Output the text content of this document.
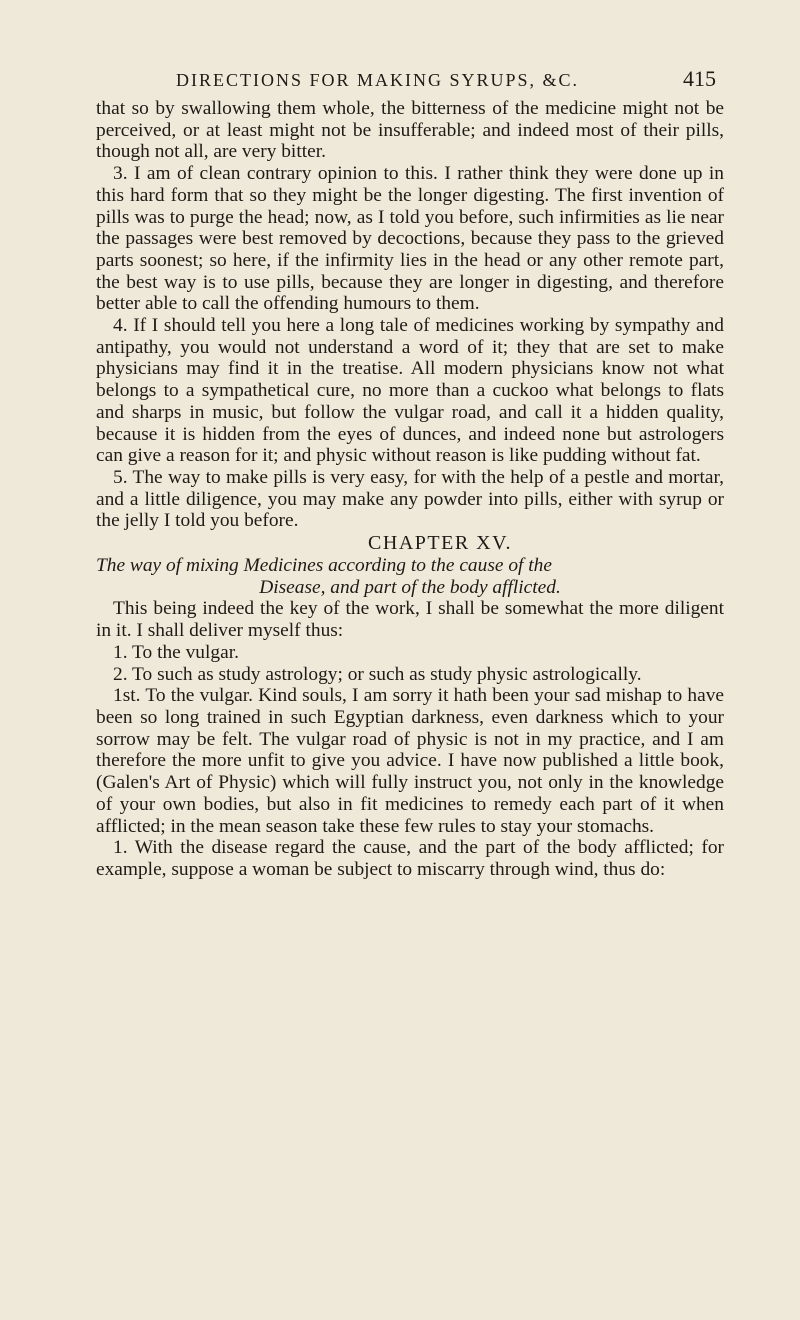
DIRECTIONS FOR MAKING SYRUPS, &C.	415

that so by swallowing them whole, the bitterness of the medicine might not be perceived, or at least might not be insufferable; and indeed most of their pills, though not all, are very bitter.

3. I am of clean contrary opinion to this. I rather think they were done up in this hard form that so they might be the longer digesting. The first invention of pills was to purge the head; now, as I told you before, such infirmities as lie near the passages were best removed by decoctions, because they pass to the grieved parts soonest; so here, if the infirmity lies in the head or any other remote part, the best way is to use pills, because they are longer in digesting, and therefore better able to call the offending humours to them.

4. If I should tell you here a long tale of medicines working by sympathy and antipathy, you would not understand a word of it; they that are set to make physicians may find it in the treatise. All modern physicians know not what belongs to a sympathetical cure, no more than a cuckoo what belongs to flats and sharps in music, but follow the vulgar road, and call it a hidden quality, because it is hidden from the eyes of dunces, and indeed none but astrologers can give a reason for it; and physic without reason is like pudding without fat.

5. The way to make pills is very easy, for with the help of a pestle and mortar, and a little diligence, you may make any powder into pills, either with syrup or the jelly I told you before.

CHAPTER XV.

The way of mixing Medicines according to the cause of the
Disease, and part of the body afflicted.

This being indeed the key of the work, I shall be somewhat the more diligent in it. I shall deliver myself thus:

1. To the vulgar.

2. To such as study astrology; or such as study physic astrologically.

1st. To the vulgar. Kind souls, I am sorry it hath been your sad mishap to have been so long trained in such Egyptian darkness, even darkness which to your sorrow may be felt. The vulgar road of physic is not in my practice, and I am therefore the more unfit to give you advice. I have now published a little book, (Galen's Art of Physic) which will fully instruct you, not only in the knowledge of your own bodies, but also in fit medicines to remedy each part of it when afflicted; in the mean season take these few rules to stay your stomachs.

1. With the disease regard the cause, and the part of the body afflicted; for example, suppose a woman be subject to miscarry through wind, thus do:
